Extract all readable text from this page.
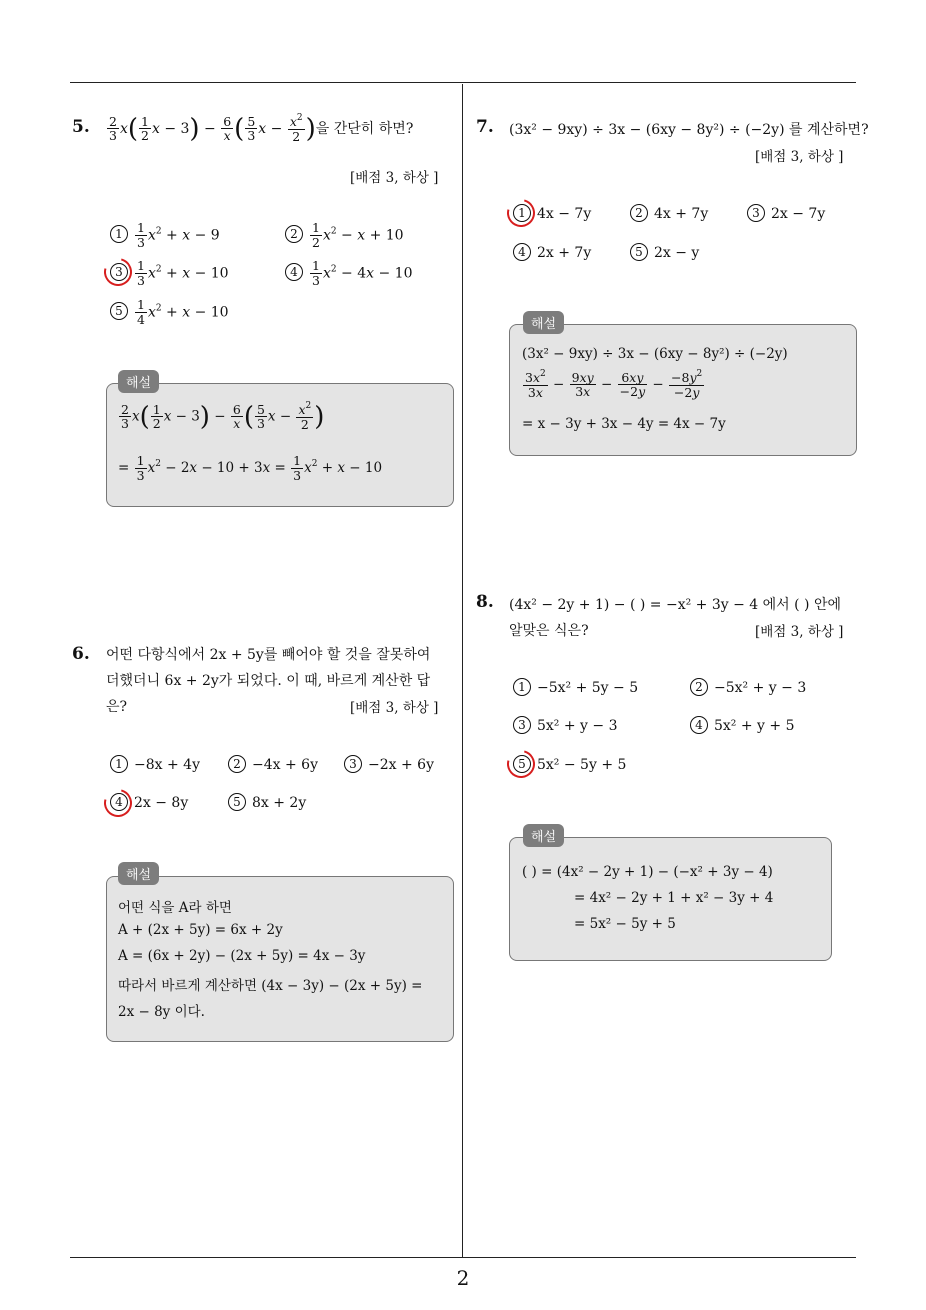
2
5. $\frac{2}{3} x( \frac{1}{2}$ $x - 3) - \frac{6}{x}$ ( $\frac{5}{3}$ $x - \frac{x^2}{2}$ )을 간단히 하면?
[배점 3, 하상 ]
$1 \frac{1}{3} x^2 + x - 9$	$2 \frac{1}{2} x^2 - x + 10$
$3 \frac{1}{3} x^2 + x - 10$	$4 \frac{1}{3} x^2 - 4x - 10$
$5 \frac{1}{4} x^2 + x - 10$
해설
$\frac{2}{3} x( \frac{1}{2}$ $x - 3) - \frac{6}{x}$ ( $\frac{5}{3}$ $x - \frac{x^2}{2}$ )
= $\frac{1}{3} x^2 - 2x - 10 + 3x = \frac{1}{3} x^2 + x - 10$
6. 어떤 다항식에서 2x + 5y를 빼어야 할 것을 잘못하여
더했더니 6x + 2y가 되었다. 이 때, 바르게 계산한 답
은?	[배점 3, 하상 ]
1 −8x + 4y	2 −4x + 6y	3 −2x + 6y
4 2x − 8y	5 8x + 2y
해설
어떤 식을 A라 하면
A + (2x + 5y) = 6x + 2y
A = (6x + 2y) − (2x + 5y) = 4x − 3y
따라서 바르게 계산하면 (4x − 3y) − (2x + 5y) =
2x − 8y 이다.
7. (3x² − 9xy) ÷ 3x − (6xy − 8y²) ÷ (−2y) 를 계산하면?
[배점 3, 하상 ]
1 4x − 7y	2 4x + 7y	3 2x − 7y
4 2x + 7y	5 2x − y
해설
(3x² − 9xy) ÷ 3x − (6xy − 8y²) ÷ (−2y)
$\frac{3x^2}{3x} - \frac{9xy}{3x} - \frac{6xy}{-2y} - \frac{-8y^2}{-2y}$
= x − 3y + 3x − 4y = 4x − 7y
8. (4x² − 2y + 1) − ( ) = −x² + 3y − 4 에서 ( ) 안에
알맞은 식은?	[배점 3, 하상 ]
1 −5x² + 5y − 5	2 −5x² + y − 3
3 5x² + y − 3	4 5x² + y + 5
5 5x² − 5y + 5
해설
( ) = (4x² − 2y + 1) − (−x² + 3y − 4)
= 4x² − 2y + 1 + x² − 3y + 4
= 5x² − 5y + 5
